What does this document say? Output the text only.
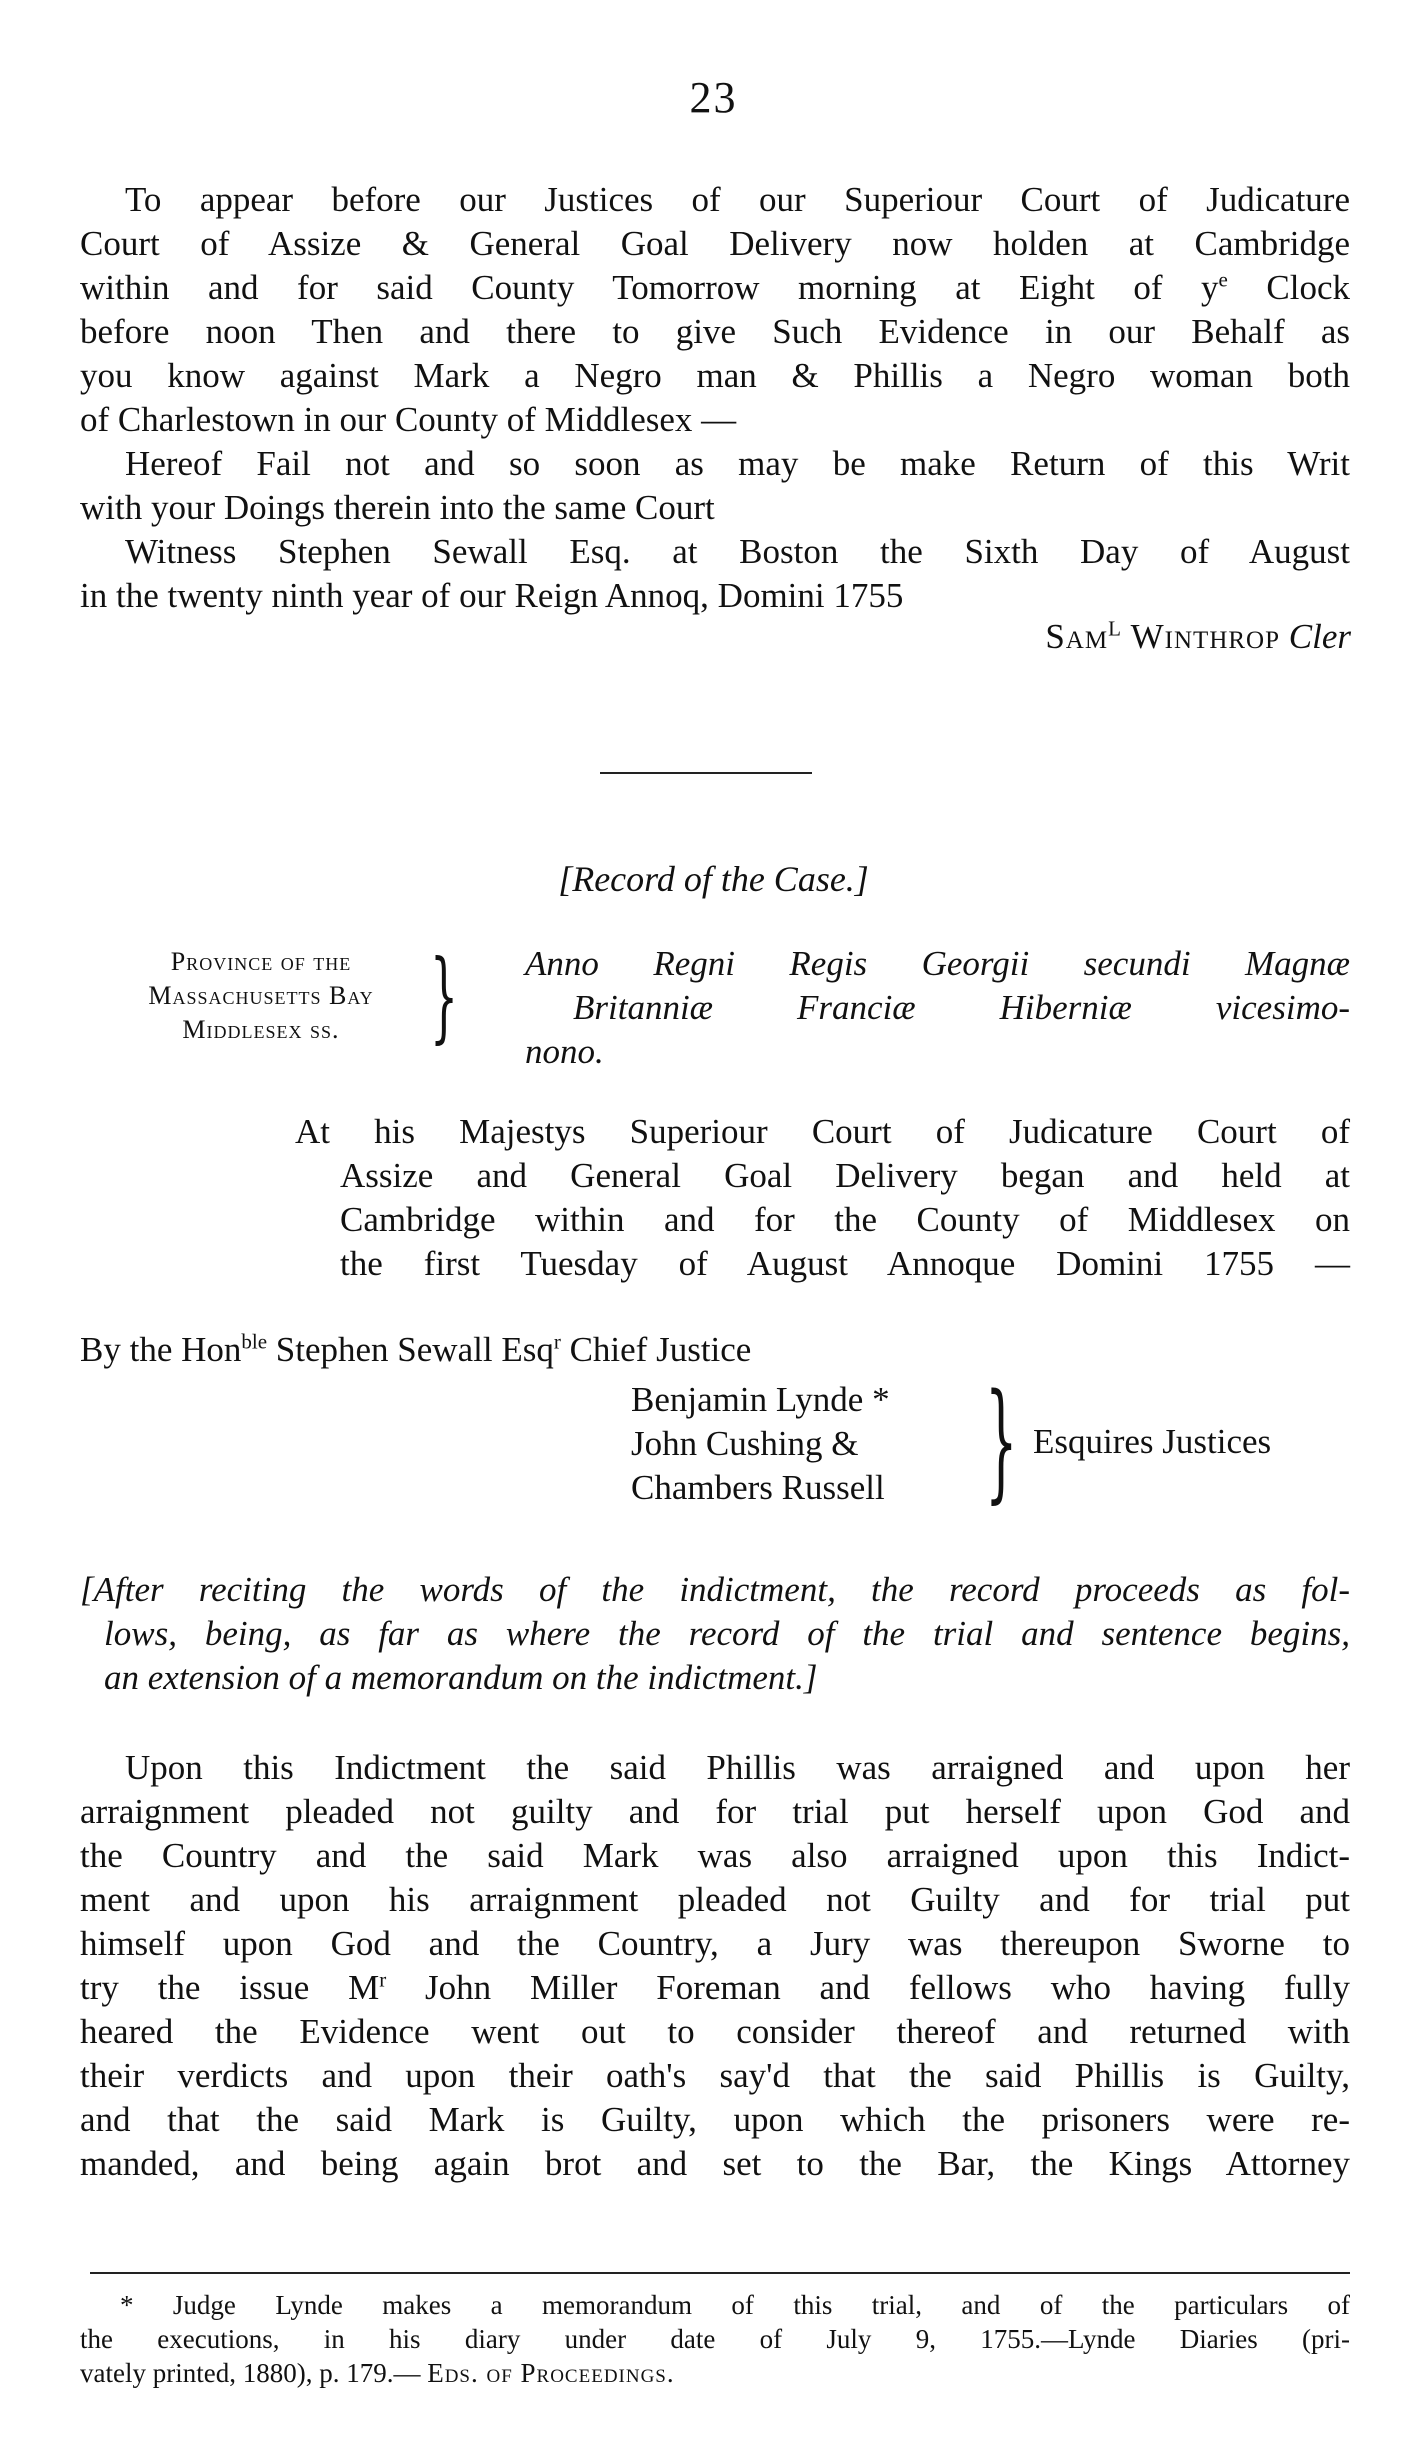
23
To appear before our Justices of our Superiour Court of Judicature
Court of Assize & General Goal Delivery now holden at Cambridge
within and for said County Tomorrow morning at Eight of $y^e$ Clock
before noon Then and there to give Such Evidence in our Behalf as
you know against Mark a Negro man & Phillis a Negro woman both
of Charlestown in our County of Middlesex —
Hereof Fail not and so soon as may be make Return of this Writ
with your Doings therein into the same Court
Witness Stephen Sewall Esq. at Boston the Sixth Day of August
in the twenty ninth year of our Reign Annoq, Domini 1755
Sam$^L$ Winthrop Cler
[Record of the Case.]
Province of the
Massachusetts Bay
Middlesex ss. } Anno Regni Regis Georgii secundi Magnæ
Britanniæ Franciæ Hiberniæ vicesimo-
nono.
At his Majestys Superiour Court of Judicature Court of
Assize and General Goal Delivery began and held at
Cambridge within and for the County of Middlesex on
the first Tuesday of August Annoque Domini 1755 —
By the Hon$^{ble}$ Stephen Sewall Esq$^r$ Chief Justice
Benjamin Lynde *
John Cushing &
Chambers Russell } Esquires Justices
[After reciting the words of the indictment, the record proceeds as fol-
lows, being, as far as where the record of the trial and sentence begins,
an extension of a memorandum on the indictment.]
Upon this Indictment the said Phillis was arraigned and upon her
arraignment pleaded not guilty and for trial put herself upon God and
the Country and the said Mark was also arraigned upon this Indict-
ment and upon his arraignment pleaded not Guilty and for trial put
himself upon God and the Country, a Jury was thereupon Sworne to
try the issue $M^r$ John Miller Foreman and fellows who having fully
heared the Evidence went out to consider thereof and returned with
their verdicts and upon their oath's say'd that the said Phillis is Guilty,
and that the said Mark is Guilty, upon which the prisoners were re-
manded, and being again brot and set to the Bar, the Kings Attorney
* Judge Lynde makes a memorandum of this trial, and of the particulars of
the executions, in his diary under date of July 9, 1755.—Lynde Diaries (pri-
vately printed, 1880), p. 179.— Eds. of Proceedings.
